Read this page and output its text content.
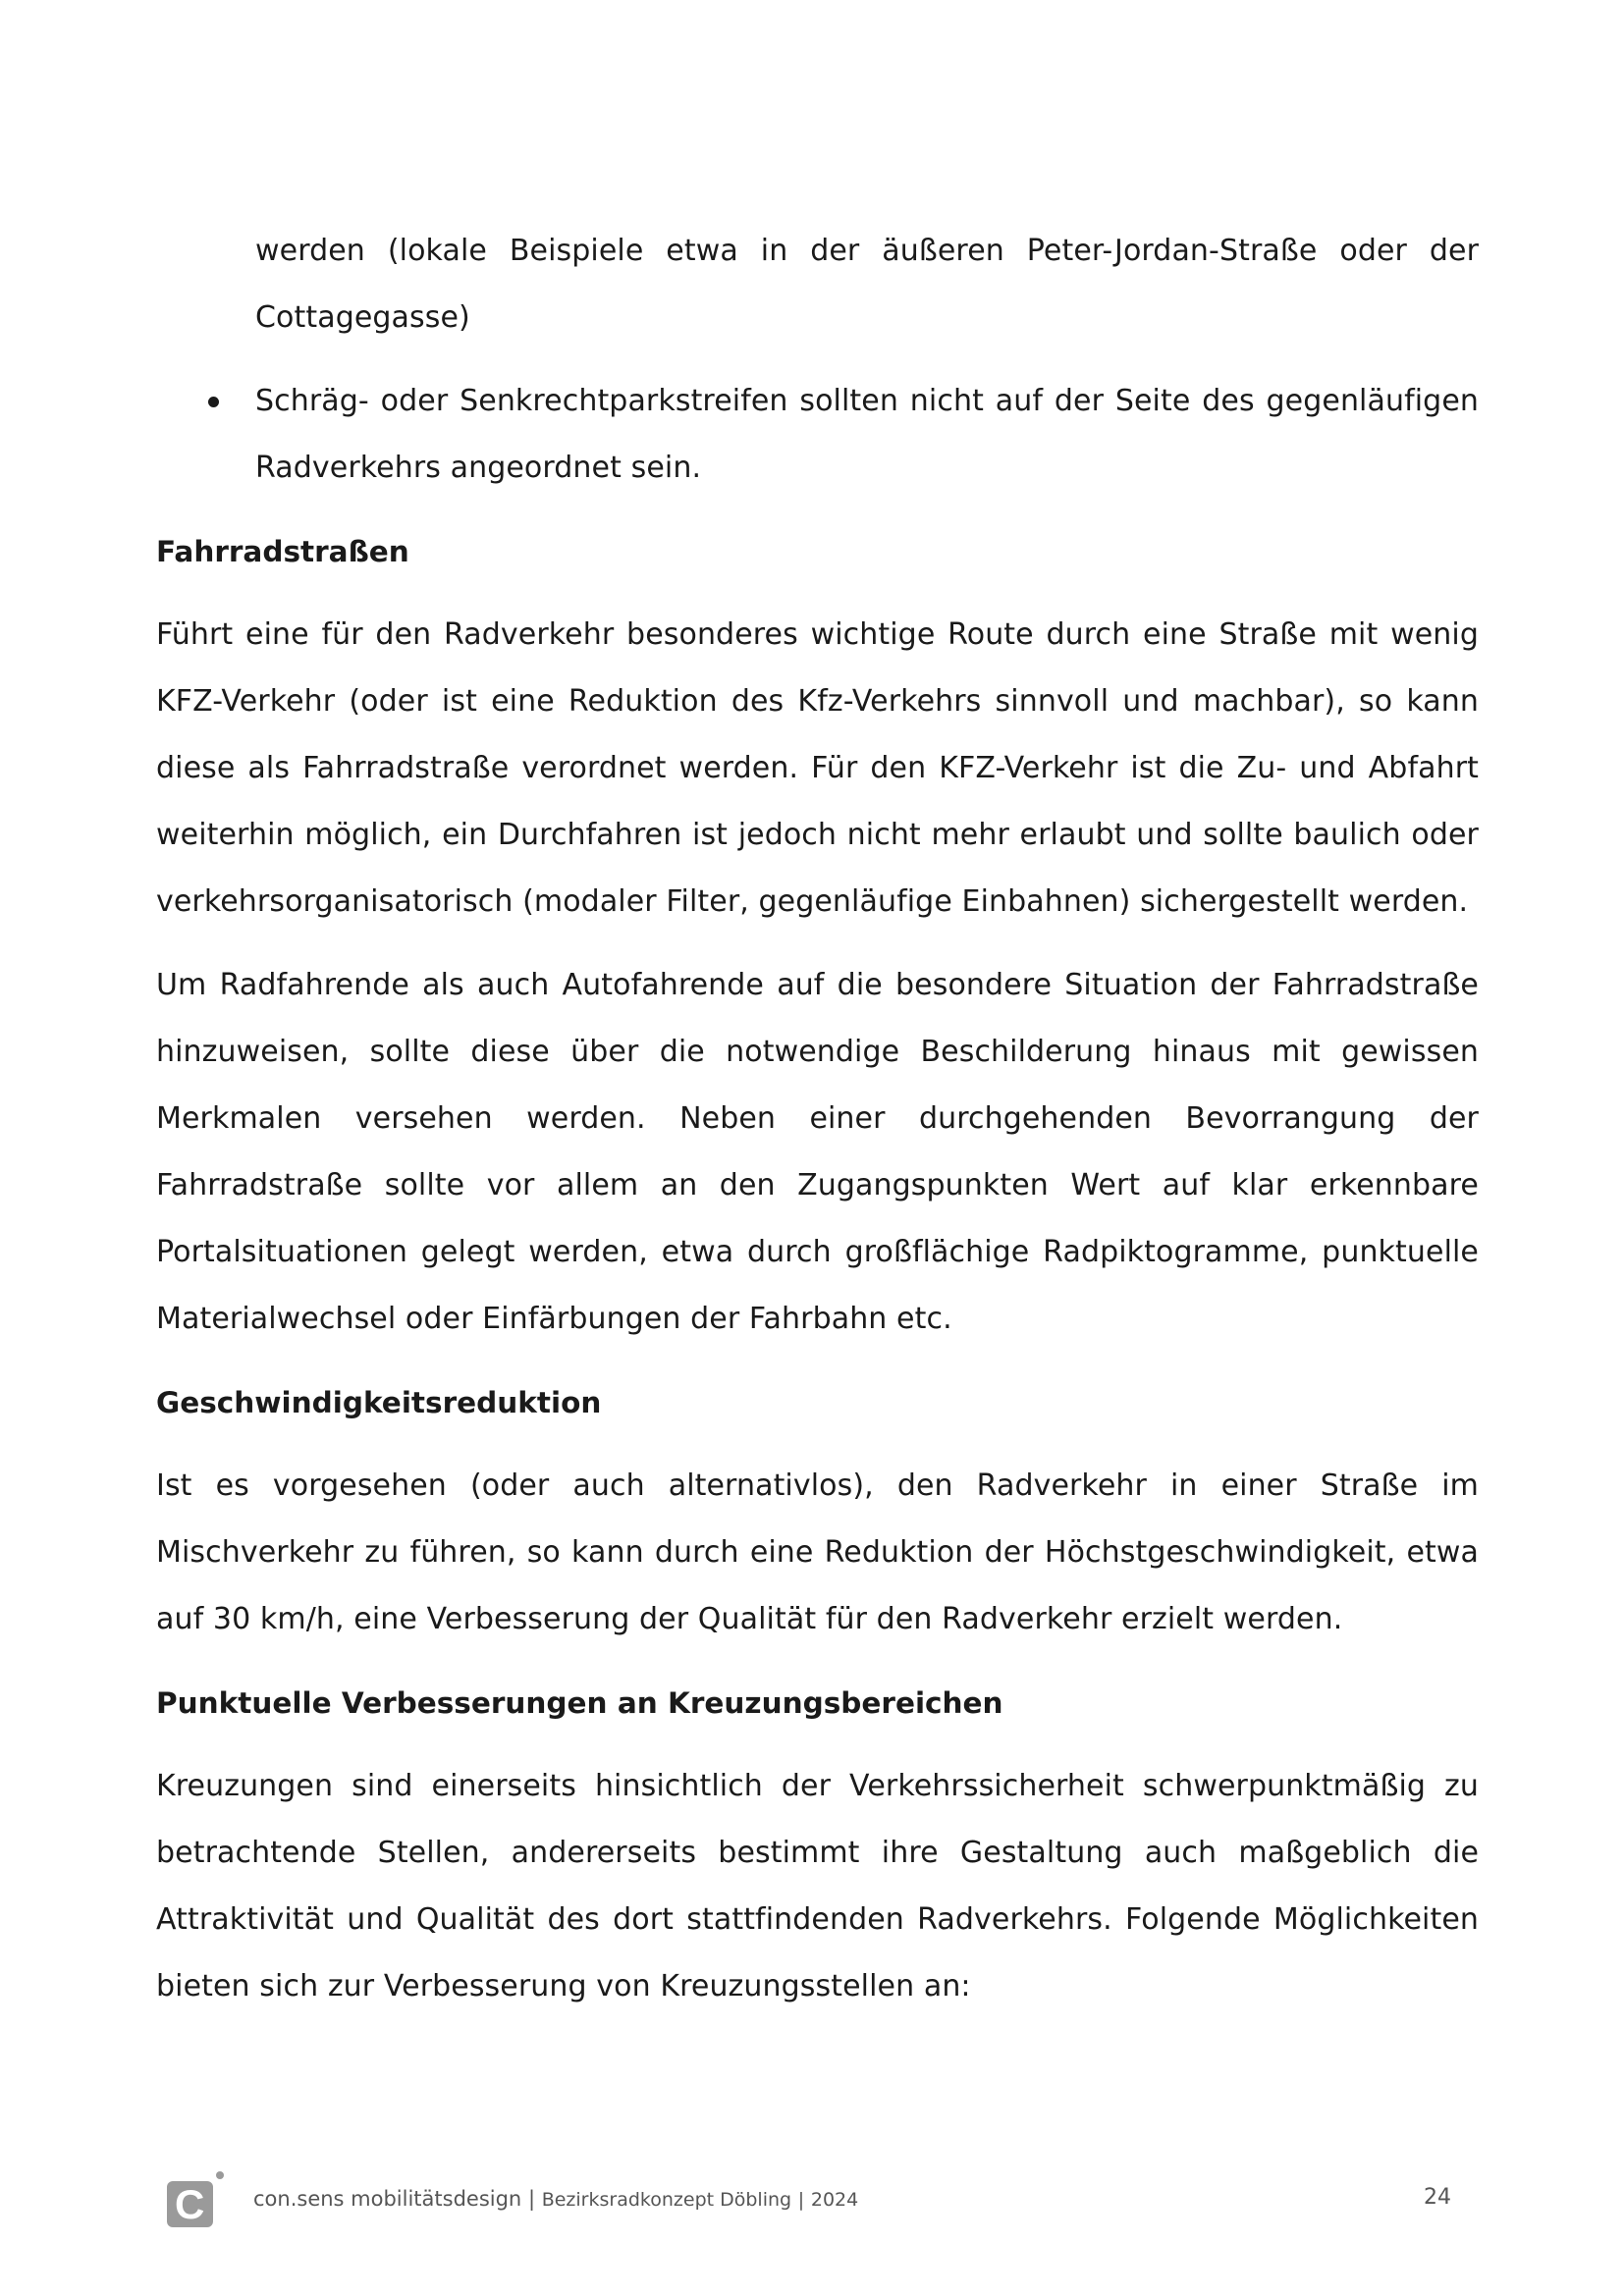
werden (lokale Beispiele etwa in der äußeren Peter-Jordan-Straße oder der Cottagegasse)

Schräg- oder Senkrechtparkstreifen sollten nicht auf der Seite des gegenläufigen Radverkehrs angeordnet sein.

Fahrradstraßen

Führt eine für den Radverkehr besonderes wichtige Route durch eine Straße mit wenig KFZ-Verkehr (oder ist eine Reduktion des Kfz-Verkehrs sinnvoll und machbar), so kann diese als Fahrradstraße verordnet werden. Für den KFZ-Verkehr ist die Zu- und Abfahrt weiterhin möglich, ein Durchfahren ist jedoch nicht mehr erlaubt und sollte baulich oder verkehrsorganisatorisch (modaler Filter, gegenläufige Einbahnen) sichergestellt werden.

Um Radfahrende als auch Autofahrende auf die besondere Situation der Fahrradstraße hinzuweisen, sollte diese über die notwendige Beschilderung hinaus mit gewissen Merkmalen versehen werden. Neben einer durchgehenden Bevorrangung der Fahrradstraße sollte vor allem an den Zugangspunkten Wert auf klar erkennbare Portalsituationen gelegt werden, etwa durch großflächige Radpiktogramme, punktuelle Materialwechsel oder Einfärbungen der Fahrbahn etc.

Geschwindigkeitsreduktion

Ist es vorgesehen (oder auch alternativlos), den Radverkehr in einer Straße im Mischverkehr zu führen, so kann durch eine Reduktion der Höchstgeschwindigkeit, etwa auf 30 km/h, eine Verbesserung der Qualität für den Radverkehr erzielt werden.

Punktuelle Verbesserungen an Kreuzungsbereichen

Kreuzungen sind einerseits hinsichtlich der Verkehrssicherheit schwerpunktmäßig zu betrachtende Stellen, andererseits bestimmt ihre Gestaltung auch maßgeblich die Attraktivität und Qualität des dort stattfindenden Radverkehrs. Folgende Möglichkeiten bieten sich zur Verbesserung von Kreuzungsstellen an:

C con.sens mobilitätsdesign | Bezirksradkonzept Döbling | 2024	24
